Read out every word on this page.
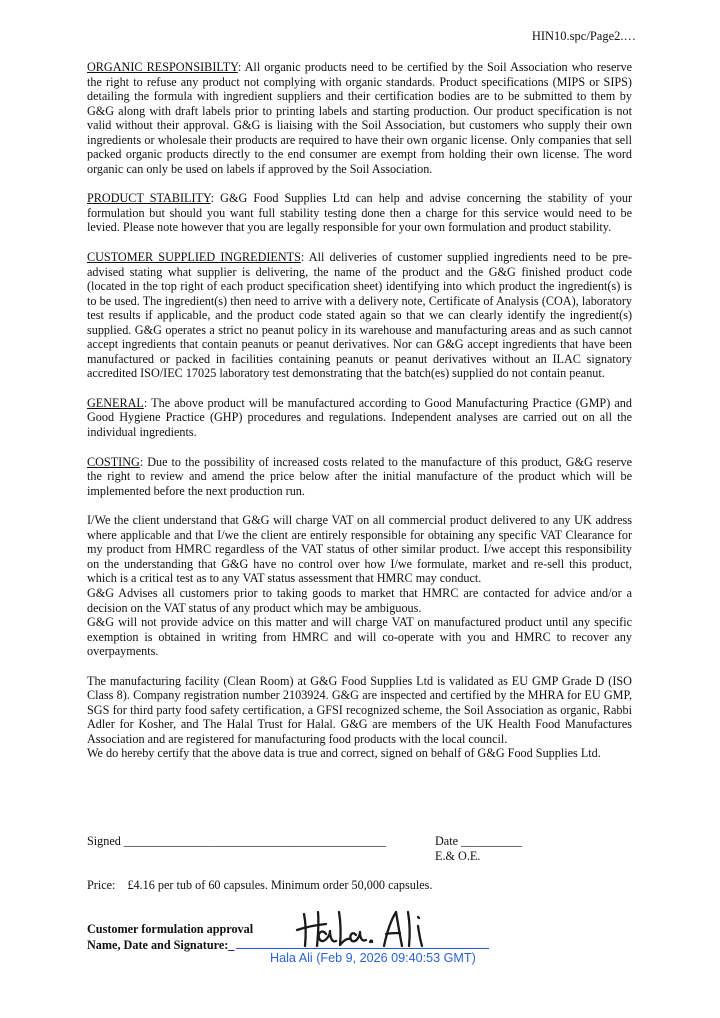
HIN10.spc/Page2.…

ORGANIC RESPONSIBILTY: All organic products need to be certified by the Soil Association who reserve the right to refuse any product not complying with organic standards. Product specifications (MIPS or SIPS) detailing the formula with ingredient suppliers and their certification bodies are to be submitted to them by G&G along with draft labels prior to printing labels and starting production. Our product specification is not valid without their approval. G&G is liaising with the Soil Association, but customers who supply their own ingredients or wholesale their products are required to have their own organic license. Only companies that sell packed organic products directly to the end consumer are exempt from holding their own license. The word organic can only be used on labels if approved by the Soil Association.

PRODUCT STABILITY: G&G Food Supplies Ltd can help and advise concerning the stability of your formulation but should you want full stability testing done then a charge for this service would need to be levied. Please note however that you are legally responsible for your own formulation and product stability.

CUSTOMER SUPPLIED INGREDIENTS: All deliveries of customer supplied ingredients need to be pre-advised stating what supplier is delivering, the name of the product and the G&G finished product code (located in the top right of each product specification sheet) identifying into which product the ingredient(s) is to be used. The ingredient(s) then need to arrive with a delivery note, Certificate of Analysis (COA), laboratory test results if applicable, and the product code stated again so that we can clearly identify the ingredient(s) supplied. G&G operates a strict no peanut policy in its warehouse and manufacturing areas and as such cannot accept ingredients that contain peanuts or peanut derivatives. Nor can G&G accept ingredients that have been manufactured or packed in facilities containing peanuts or peanut derivatives without an ILAC signatory accredited ISO/IEC 17025 laboratory test demonstrating that the batch(es) supplied do not contain peanut.

GENERAL: The above product will be manufactured according to Good Manufacturing Practice (GMP) and Good Hygiene Practice (GHP) procedures and regulations. Independent analyses are carried out on all the individual ingredients.

COSTING: Due to the possibility of increased costs related to the manufacture of this product, G&G reserve the right to review and amend the price below after the initial manufacture of the product which will be implemented before the next production run.

I/We the client understand that G&G will charge VAT on all commercial product delivered to any UK address where applicable and that I/we the client are entirely responsible for obtaining any specific VAT Clearance for my product from HMRC regardless of the VAT status of other similar product. I/we accept this responsibility on the understanding that G&G have no control over how I/we formulate, market and re-sell this product, which is a critical test as to any VAT status assessment that HMRC may conduct.

G&G Advises all customers prior to taking goods to market that HMRC are contacted for advice and/or a decision on the VAT status of any product which may be ambiguous.

G&G will not provide advice on this matter and will charge VAT on manufactured product until any specific exemption is obtained in writing from HMRC and will co-operate with you and HMRC to recover any overpayments.

The manufacturing facility (Clean Room) at G&G Food Supplies Ltd is validated as EU GMP Grade D (ISO Class 8). Company registration number 2103924. G&G are inspected and certified by the MHRA for EU GMP, SGS for third party food safety certification, a GFSI recognized scheme, the Soil Association as organic, Rabbi Adler for Kosher, and The Halal Trust for Halal. G&G are members of the UK Health Food Manufactures Association and are registered for manufacturing food products with the local council.

We do hereby certify that the above data is true and correct, signed on behalf of G&G Food Supplies Ltd.

Signed ___________________________________________	Date __________
E.& O.E.
Price: £4.16 per tub of 60 capsules. Minimum order 50,000 capsules.
Customer formulation approval
Name, Date and Signature:_
Hala Ali (Feb 9, 2026 09:40:53 GMT)
